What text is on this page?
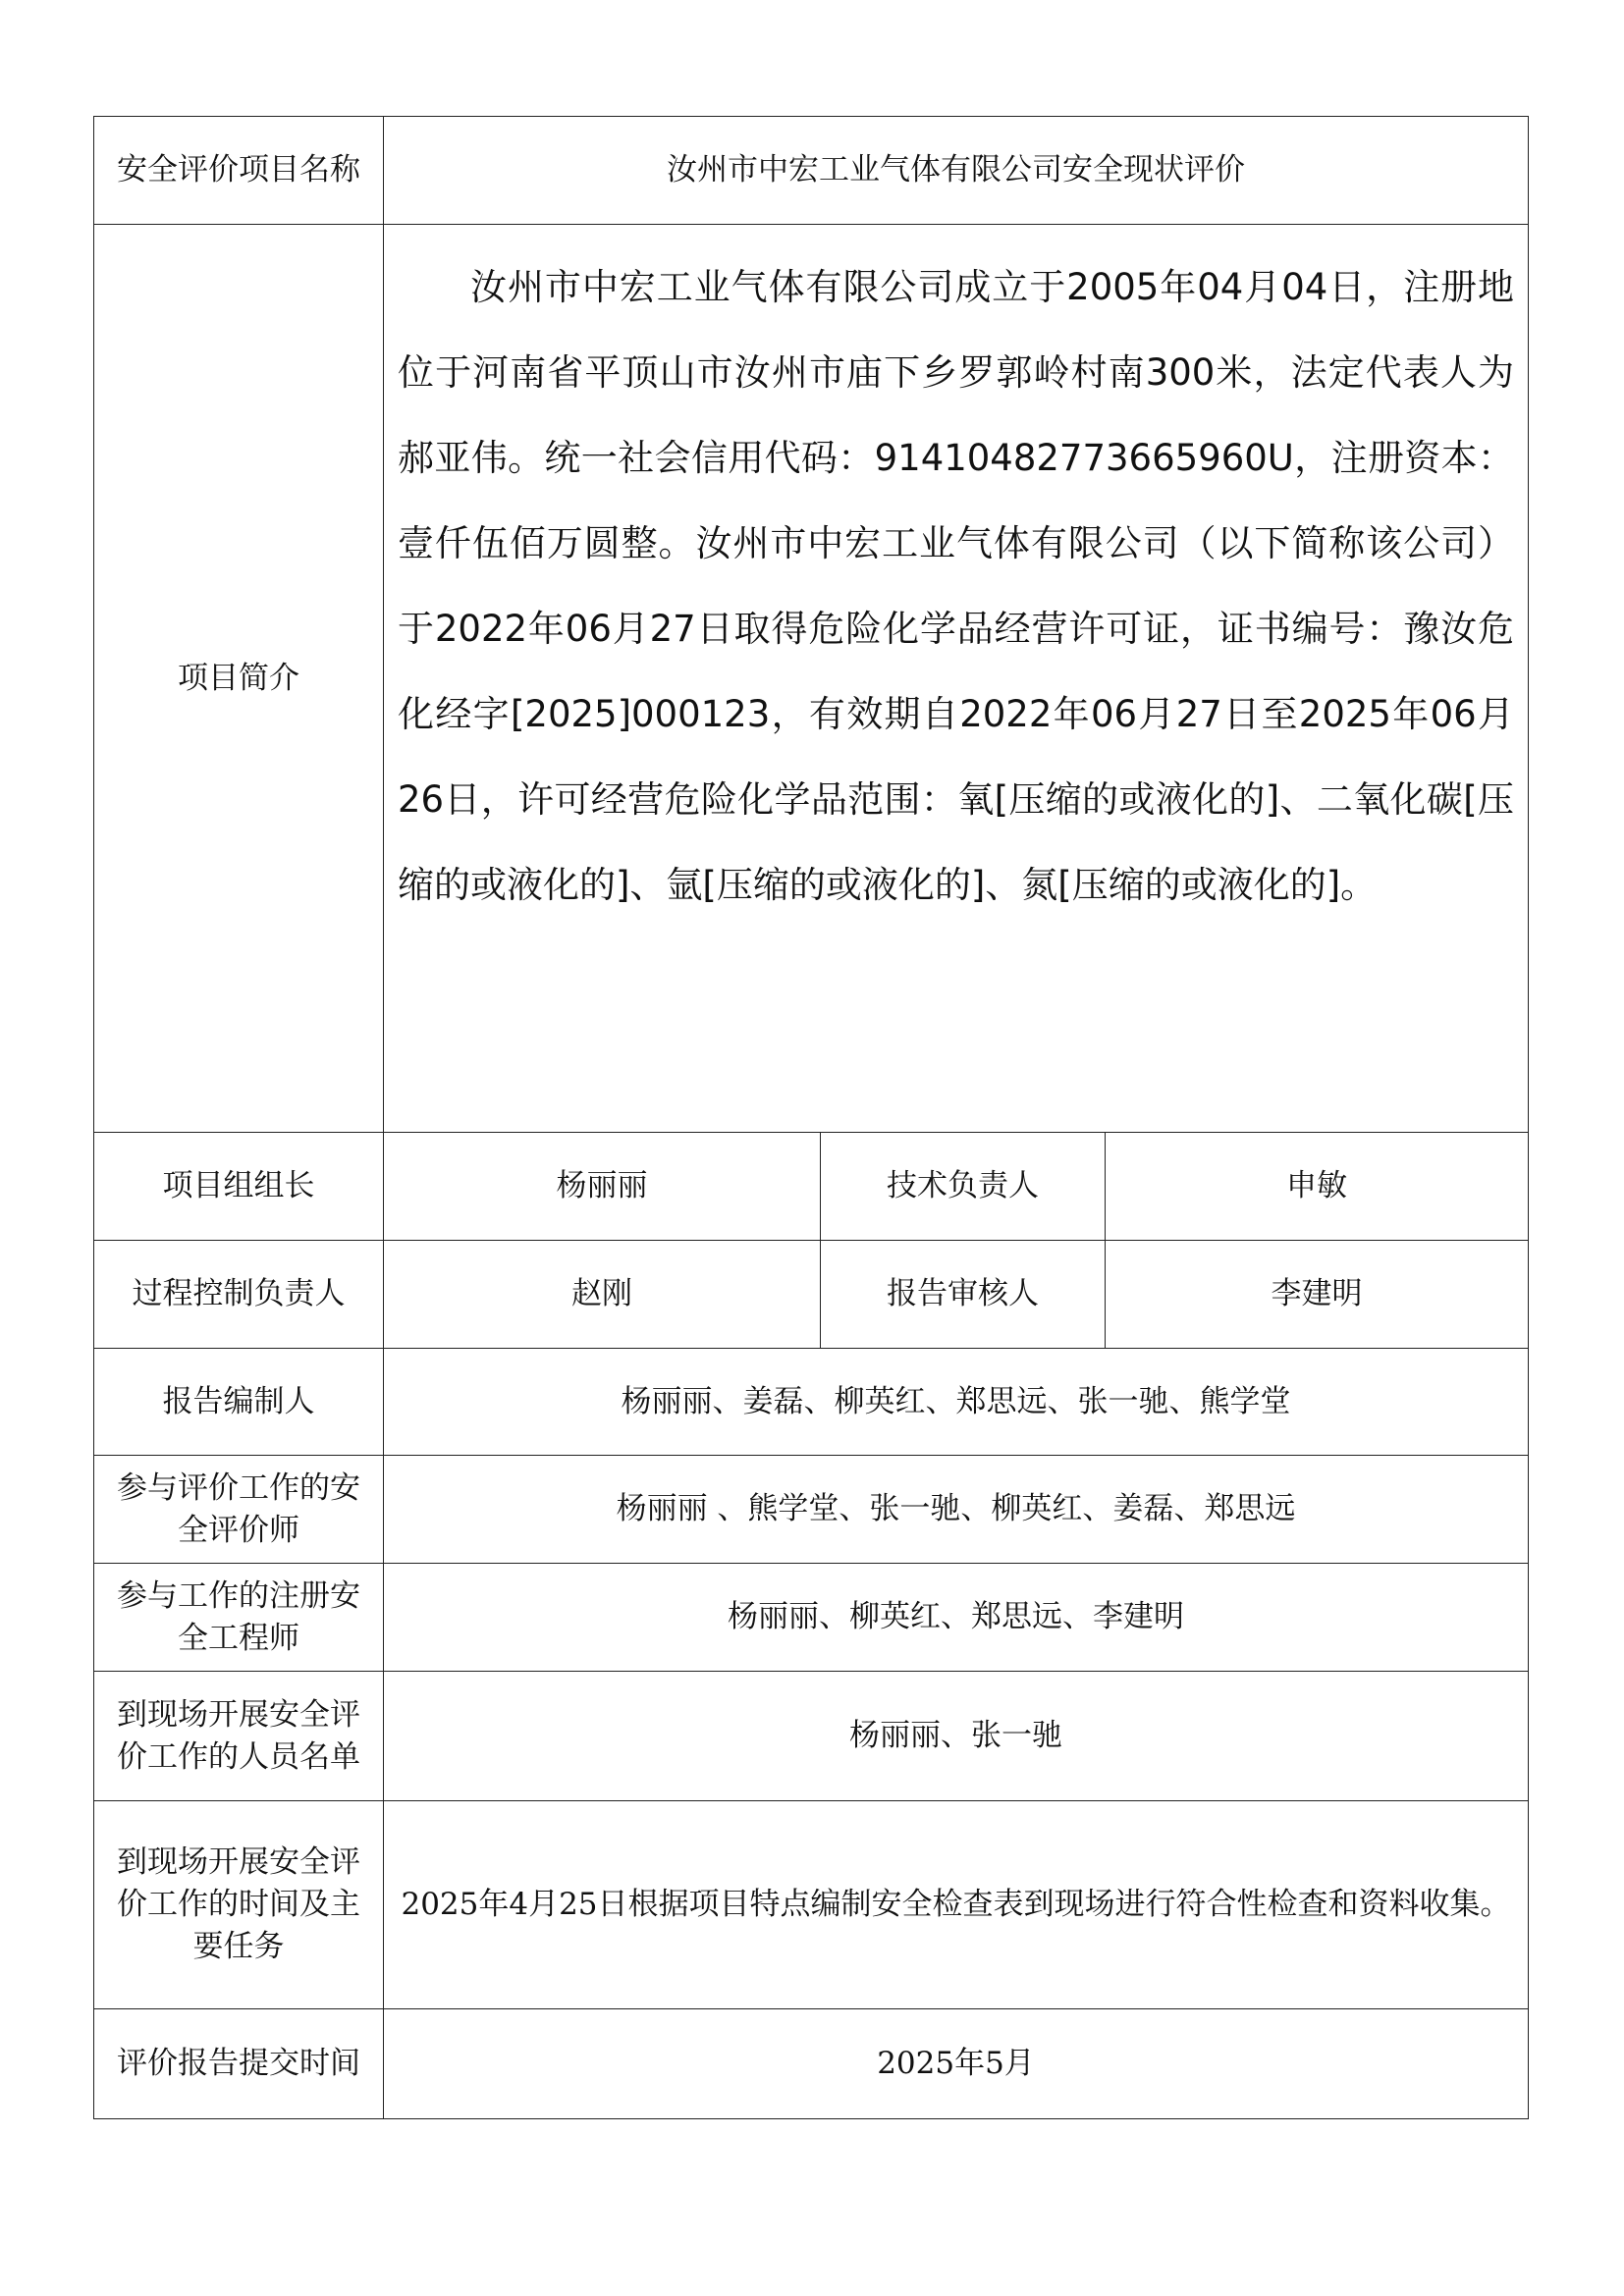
安全评价项目名称	汝州市中宏工业气体有限公司安全现状评价		
项目简介	汝州市中宏工业气体有限公司成立于2005年04月04日，注册地位于河南省平顶山市汝州市庙下乡罗郭岭村南300米，法定代表人为郝亚伟。统一社会信用代码：91410482773665960U，注册资本：壹仟伍佰万圆整。汝州市中宏工业气体有限公司（以下简称该公司）于2022年06月27日取得危险化学品经营许可证，证书编号：豫汝危化经字[2025]000123，有效期自2022年06月27日至2025年06月26日，许可经营危险化学品范围：氧[压缩的或液化的]、二氧化碳[压缩的或液化的]、氩[压缩的或液化的]、氮[压缩的或液化的]。		

项目组组长	杨丽丽	技术负责人	申敏
过程控制负责人	赵刚	报告审核人	李建明
报告编制人	杨丽丽、姜磊、柳英红、郑思远、张一驰、熊学堂		
参与评价工作的安全评价师	杨丽丽 、熊学堂、张一驰、柳英红、姜磊、郑思远		
参与工作的注册安全工程师	杨丽丽、柳英红、郑思远、李建明		
到现场开展安全评价工作的人员名单	杨丽丽、张一驰		
到现场开展安全评价工作的时间及主要任务	2025年4月25日根据项目特点编制安全检查表到现场进行符合性检查和资料收集。		
评价报告提交时间	2025年5月		
